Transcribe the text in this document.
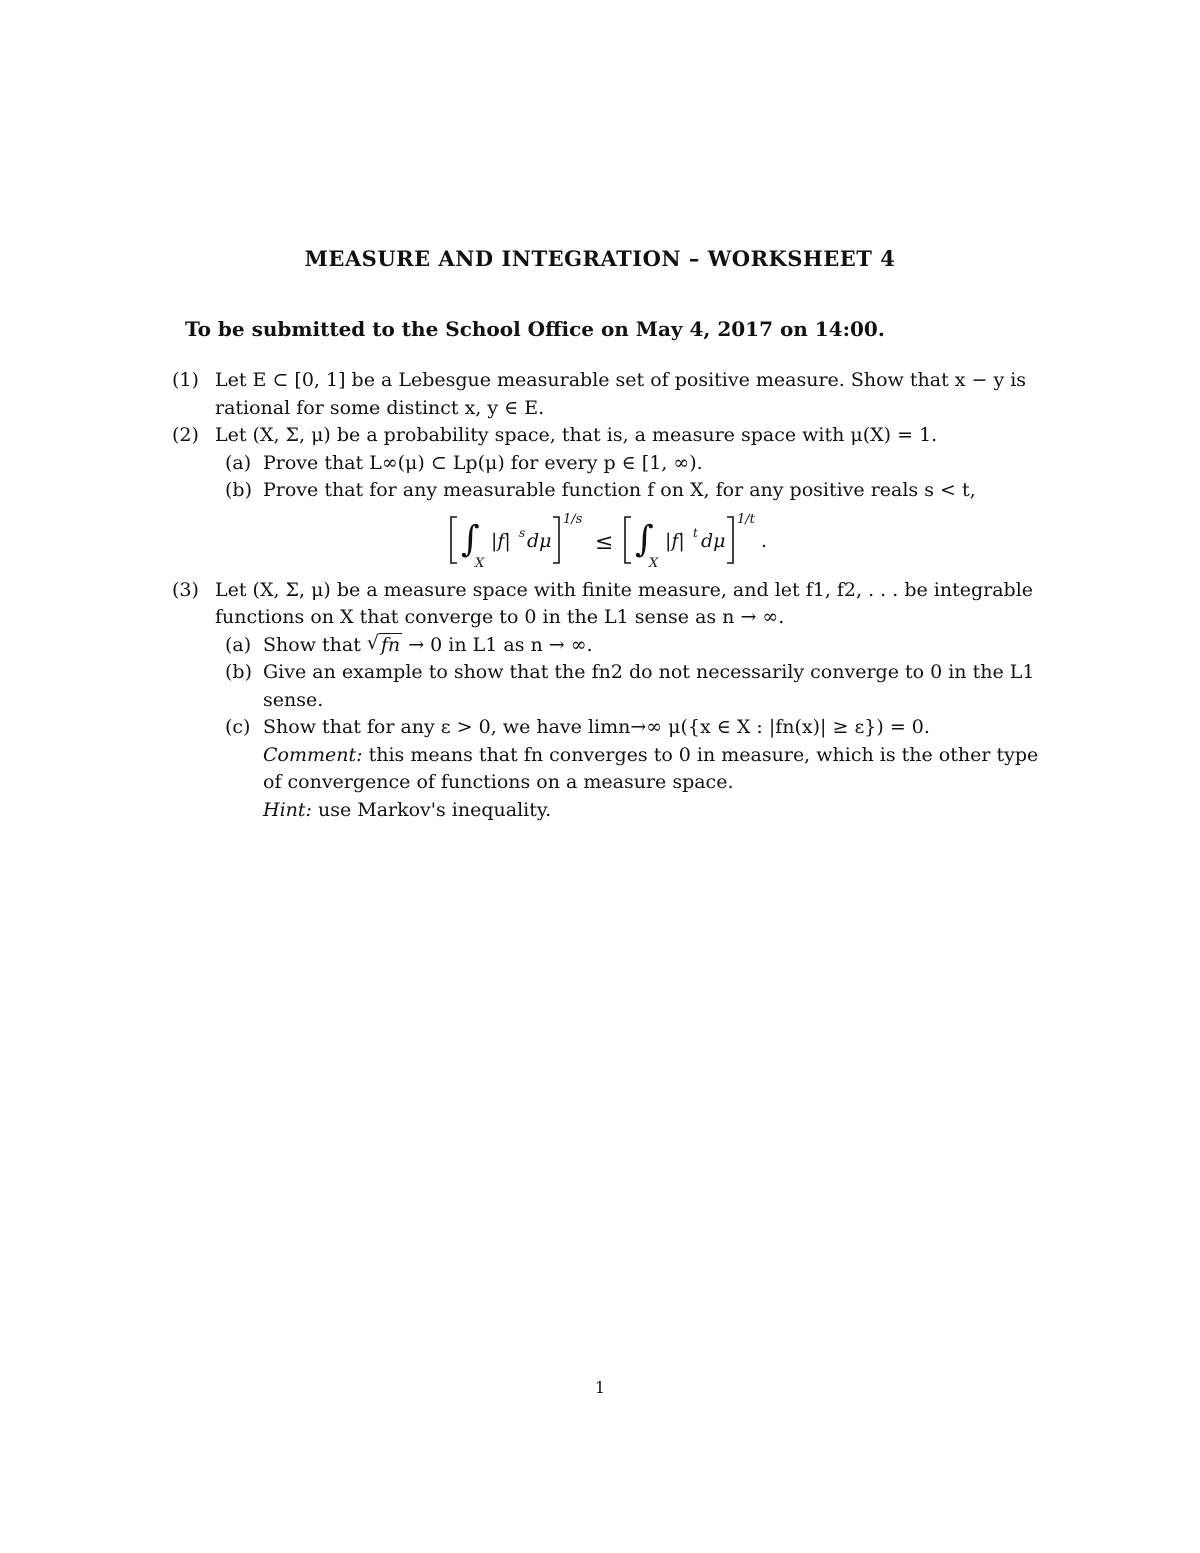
MEASURE AND INTEGRATION – WORKSHEET 4
To be submitted to the School Office on May 4, 2017 on 14:00.
(1) Let E ⊂ [0, 1] be a Lebesgue measurable set of positive measure. Show that x − y is
rational for some distinct x, y ∈ E.
(2) Let (X, Σ, μ) be a probability space, that is, a measure space with μ(X) = 1.
(a) Prove that L∞(μ) ⊂ Lp(μ) for every p ∈ [1, ∞).
(b) Prove that for any measurable function f on X, for any positive reals s < t,
∫
X
|f| s dμ
1/s
≤ ∫
X
|f| t dμ
1/t
.
(3) Let (X, Σ, μ) be a measure space with finite measure, and let f1, f2, . . . be integrable
functions on X that converge to 0 in the L1 sense as n → ∞.
(a) Show that √ fn → 0 in L1 as n → ∞.
(b) Give an example to show that the fn2 do not necessarily converge to 0 in the L1
sense.
(c) Show that for any ε > 0, we have limn→∞ μ({x ∈ X : |fn(x)| ≥ ε}) = 0.
Comment: this means that fn converges to 0 in measure, which is the other type
of convergence of functions on a measure space.
Hint: use Markov's inequality.
1
